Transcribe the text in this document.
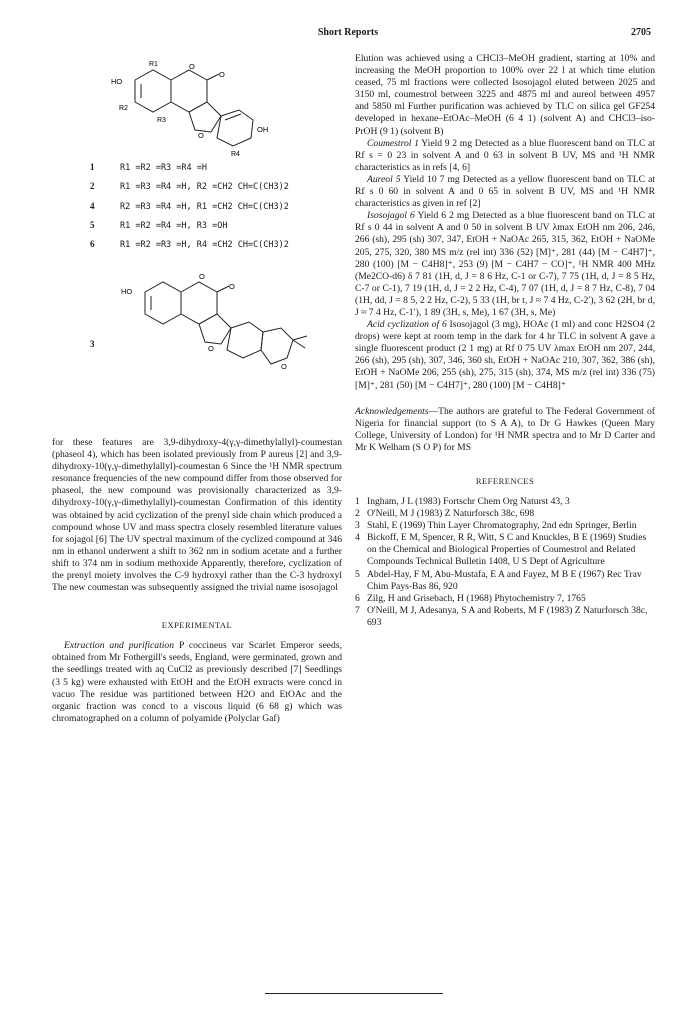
Short Reports	2705
HO
O
O
O
OH
R1
R2
R3
R4
1	R1 =R2 =R3 =R4 =H
2	R1 =R3 =R4 =H, R2 =CH2 CH=C(CH3)2
4	R2 =R3 =R4 =H, R1 =CH2 CH=C(CH3)2
5	R1 =R2 =R4 =H, R3 =OH
6	R1 =R2 =R3 =H, R4 =CH2 CH=C(CH3)2
3
HO
O
O
O
O

for these features are 3,9-dihydroxy-4(γ,γ-dimethylallyl)-coumestan (phaseol 4), which has been isolated previously from P aureus [2] and 3,9-dihydroxy-10(γ,γ-dimethylallyl)-coumestan 6 Since the ¹H NMR spectrum resonance frequencies of the new compound differ from those observed for phaseol, the new compound was provisionally characterized as 3,9-dihydroxy-10(γ,γ-dimethylallyl)-coumestan Confirmation of this identity was obtained by acid cyclization of the prenyl side chain which produced a compound whose UV and mass spectra closely resembled literature values for sojagol [6] The UV spectral maximum of the cyclized compound at 346 nm in ethanol underwent a shift to 362 nm in sodium acetate and a further shift to 374 nm in sodium methoxide Apparently, therefore, cyclization of the prenyl moiety involves the C-9 hydroxyl rather than the C-3 hydroxyl The new coumestan was subsequently assigned the trivial name isosojagol

EXPERIMENTAL

Extraction and purification P coccineus var Scarlet Emperor seeds, obtained from Mr Fothergill's seeds, England, were germinated, grown and the seedlings treated with aq CuCl2 as previously described [7] Seedlings (3 5 kg) were exhausted with EtOH and the EtOH extracts were concd in vacuo The residue was partitioned between H2O and EtOAc and the organic fraction was concd to a viscous liquid (6 68 g) which was chromatographed on a column of polyamide (Polyclar Gaf)

Elution was achieved using a CHCl3–MeOH gradient, starting at 10% and increasing the MeOH proportion to 100% over 22 l at which time elution ceased, 75 ml fractions were collected Isosojagol eluted between 2025 and 3150 ml, coumestrol between 3225 and 4875 ml and aureol between 4957 and 5850 ml Further purification was achieved by TLC on silica gel GF254 developed in hexane–EtOAc–MeOH (6 4 1) (solvent A) and CHCl3–iso-PrOH (9 1) (solvent B)

Coumestrol 1 Yield 9 2 mg Detected as a blue fluorescent band on TLC at Rf s = 0 23 in solvent A and 0 63 in solvent B UV, MS and ¹H NMR characteristics as in refs [4, 6]

Aureol 5 Yield 10 7 mg Detected as a yellow fluorescent band on TLC at Rf s 0 60 in solvent A and 0 65 in solvent B UV, MS and ¹H NMR characteristics as given in ref [2]

Isosojagol 6 Yield 6 2 mg Detected as a blue fluorescent band on TLC at Rf s 0 44 in solvent A and 0 50 in solvent B UV λmax EtOH nm 206, 246, 266 (sh), 295 (sh) 307, 347, EtOH + NaOAc 265, 315, 362, EtOH + NaOMe 205, 275, 320, 380 MS m/z (rel int) 336 (52) [M]⁺, 281 (44) [M − C4H7]⁺, 280 (100) [M − C4H8]⁺, 253 (9) [M − C4H7 − CO]⁺, ¹H NMR 400 MHz (Me2CO-d6) δ 7 81 (1H, d, J = 8 6 Hz, C-1 or C-7), 7 75 (1H, d, J = 8 5 Hz, C-7 or C-1), 7 19 (1H, d, J = 2 2 Hz, C-4), 7 07 (1H, d, J = 8 7 Hz, C-8), 7 04 (1H, dd, J = 8 5, 2 2 Hz, C-2), 5 33 (1H, br t, J ≈ 7 4 Hz, C-2′), 3 62 (2H, br d, J ≈ 7 4 Hz, C-1′), 1 89 (3H, s, Me), 1 67 (3H, s, Me)

Acid cyclization of 6 Isosojagol (3 mg), HOAc (1 ml) and conc H2SO4 (2 drops) were kept at room temp in the dark for 4 hr TLC in solvent A gave a single fluorescent product (2 1 mg) at Rf 0 75 UV λmax EtOH nm 207, 244, 266 (sh), 295 (sh), 307, 346, 360 sh, EtOH + NaOAc 210, 307, 362, 386 (sh), EtOH + NaOMe 206, 255 (sh), 275, 315 (sh), 374, MS m/z (rel int) 336 (75) [M]⁺, 281 (50) [M − C4H7]⁺, 280 (100) [M − C4H8]⁺

Acknowledgements—The authors are grateful to The Federal Government of Nigeria for financial support (to S A A), to Dr G Hawkes (Queen Mary College, University of London) for ¹H NMR spectra and to Mr D Carter and Mr K Welham (S O P) for MS

REFERENCES
1 Ingham, J L (1983) Fortschr Chem Org Naturst 43, 3
2 O'Neill, M J (1983) Z Naturforsch 38c, 698
3 Stahl, E (1969) Thin Layer Chromatography, 2nd edn Springer, Berlin
4 Bickoff, E M, Spencer, R R, Witt, S C and Knuckles, B E (1969) Studies on the Chemical and Biological Properties of Coumestrol and Related Compounds Technical Bulletin 1408, U S Dept of Agriculture
5 Abdel-Hay, F M, Abu-Mustafa, E A and Fayez, M B E (1967) Rec Trav Chim Pays-Bas 86, 920
6 Zilg, H and Grisebach, H (1968) Phytochemistry 7, 1765
7 O'Neill, M J, Adesanya, S A and Roberts, M F (1983) Z Naturforsch 38c, 693
